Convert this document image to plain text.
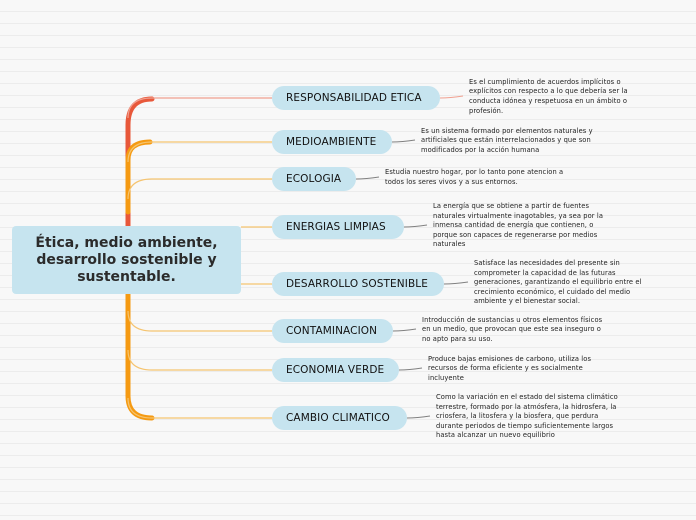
Ética, medio ambiente, desarrollo sostenible y sustentable.
RESPONSABILIDAD ETICA
Es el cumplimiento de acuerdos implícitos o
explícitos con respecto a lo que debería ser la
conducta idónea y respetuosa en un ámbito o
profesión.
MEDIOAMBIENTE
Es un sistema formado por elementos naturales y
artificiales que están interrelacionados y que son
modificados por la acción humana
ECOLOGIA
Estudia nuestro hogar, por lo tanto pone atencion a
todos los seres vivos y a sus entornos.
ENERGIAS LIMPIAS
La energía que se obtiene a partir de fuentes
naturales virtualmente inagotables, ya sea por la
inmensa cantidad de energía que contienen, o
porque son capaces de regenerarse por medios
naturales
DESARROLLO SOSTENIBLE
Satisface las necesidades del presente sin
comprometer la capacidad de las futuras
generaciones, garantizando el equilibrio entre el
crecimiento económico, el cuidado del medio
ambiente y el bienestar social.
CONTAMINACION
Introducción de sustancias u otros elementos físicos
en un medio, que provocan que este sea inseguro o
no apto para su uso.
ECONOMIA VERDE
Produce bajas emisiones de carbono, utiliza los
recursos de forma eficiente y es socialmente
incluyente
CAMBIO CLIMATICO
Como la variación en el estado del sistema climático
terrestre, formado por la atmósfera, la hidrosfera, la
criosfera, la litosfera y la biosfera, que perdura
durante periodos de tiempo suficientemente largos
hasta alcanzar un nuevo equilibrio
